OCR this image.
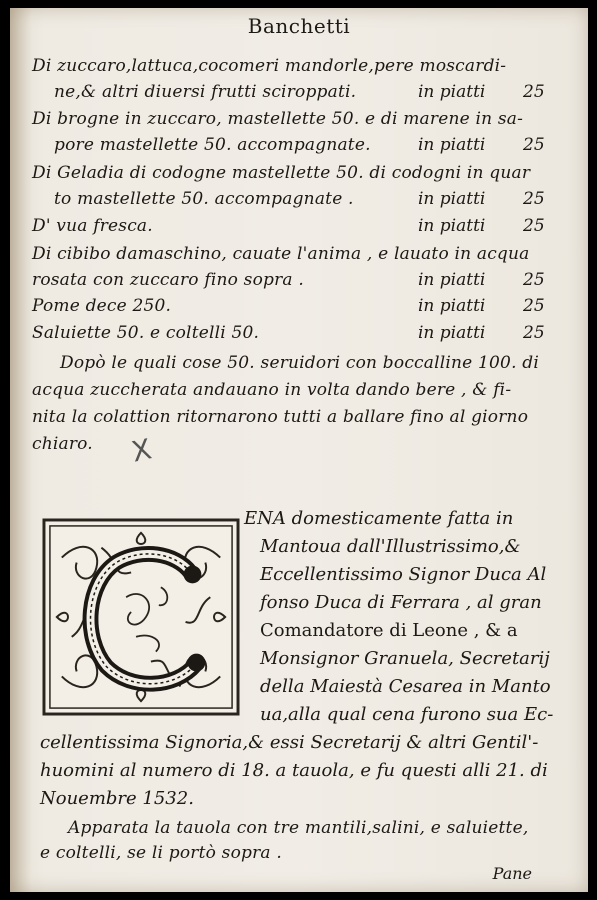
Banchetti
Di zuccaro,lattuca,cocomeri mandorle,pere moscardi-
ne,& altri diuersi frutti sciroppati.	in piatti 25
Di brogne in zuccaro, mastellette 50. e di marene in sa-
pore mastellette 50. accompagnate.	in piatti 25
Di Geladia di codogne mastellette 50. di codogni in quar
to mastellette 50. accompagnate .	in piatti 25
D' vua fresca.	in piatti 25
Di cibibo damaschino, cauate l'anima , e lauato in acqua
rosata con zuccaro fino sopra .	in piatti 25
Pome dece 250.	in piatti 25
Saluiette 50. e coltelli 50.	in piatti 25
Dopò le quali cose 50. seruidori con boccalline 100. di
acqua zuccherata andauano in volta dando bere , & fi-
nita la colattion ritornarono tutti a ballare fino al giorno
chiaro. X
ENA domesticamente fatta in
Mantoua dall'Illustrissimo,&
Eccellentissimo Signor Duca Al
fonso Duca di Ferrara , al gran
Comandatore di Leone , & a
Monsignor Granuela, Secretarij
della Maiestà Cesarea in Manto
ua,alla qual cena furono sua Ec-
cellentissima Signoria,& essi Secretarij & altri Gentil'-
huomini al numero di 18. a tauola, e fu questi alli 21. di
Nouembre 1532.
Apparata la tauola con tre mantili,salini, e saluiette,
e coltelli, se li portò sopra .
Pane
